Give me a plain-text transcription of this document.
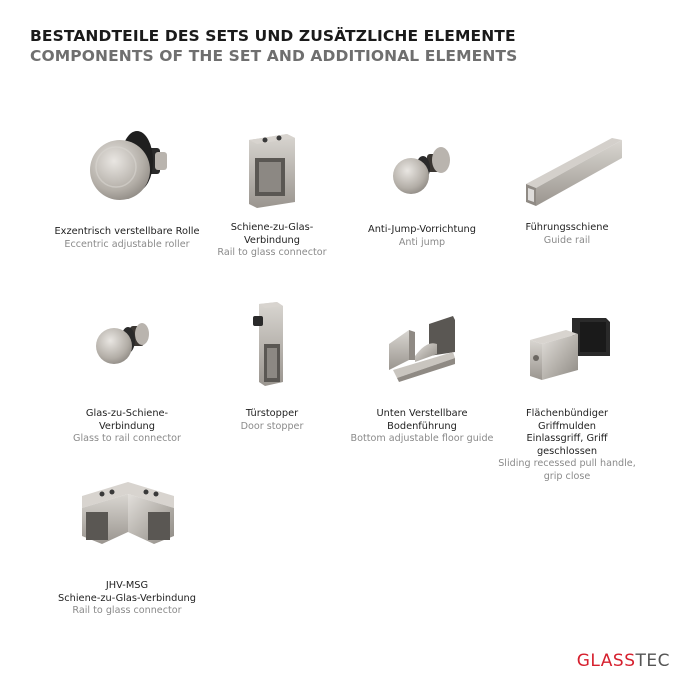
BESTANDTEILE DES SETS UND ZUSÄTZLICHE ELEMENTE
COMPONENTS OF THE SET AND ADDITIONAL ELEMENTS
Exzentrisch verstellbare Rolle
Eccentric adjustable roller
Schiene-zu-Glas-
Verbindung
Rail to glass connector
Anti-Jump-Vorrichtung
Anti jump
Führungsschiene
Guide rail
Glas-zu-Schiene-
Verbindung
Glass to rail connector
Türstopper
Door stopper
Unten Verstellbare
Bodenführung
Bottom adjustable floor guide
Flächenbündiger
Griffmulden
Einlassgriff, Griff
geschlossen
Sliding recessed pull handle,
grip close
JHV-MSG
Schiene-zu-Glas-Verbindung
Rail to glass connector
GLASSTEC
